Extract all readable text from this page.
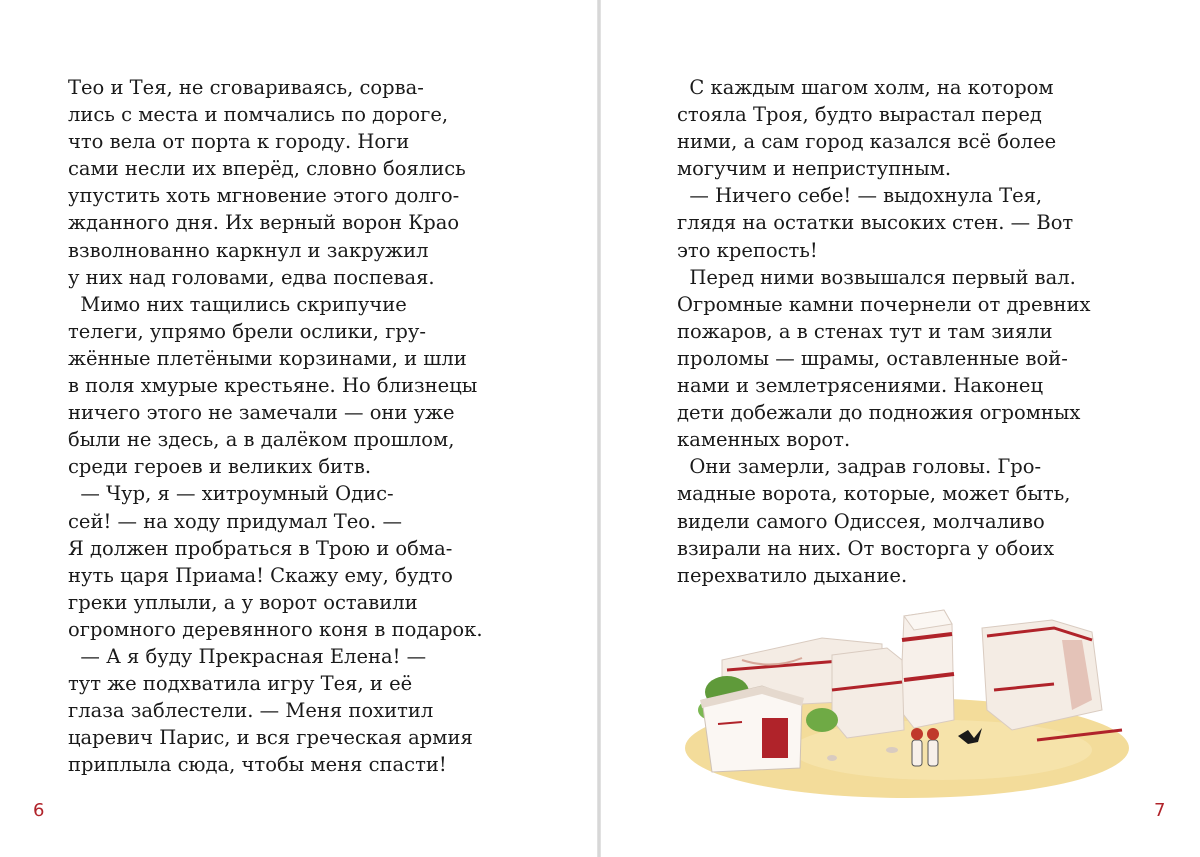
Тео и Тея, не сговариваясь, сорва-
лись с места и помчались по дороге,
что вела от порта к городу. Ноги
сами несли их вперёд, словно боялись
упустить хоть мгновение этого долго-
жданного дня. Их верный ворон Крао
взволнованно каркнул и закружил
у них над головами, едва поспевая.
Мимо них тащились скрипучие
телеги, упрямо брели ослики, гру-
жённые плетёными корзинами, и шли
в поля хмурые крестьяне. Но близнецы
ничего этого не замечали — они уже
были не здесь, а в далёком прошлом,
среди героев и великих битв.
— Чур, я — хитроумный Одис-
сей! — на ходу придумал Тео. —
Я должен пробраться в Трою и обма-
нуть царя Приама! Скажу ему, будто
греки уплыли, а у ворот оставили
огромного деревянного коня в подарок.
— А я буду Прекрасная Елена! —
тут же подхватила игру Тея, и её
глаза заблестели. — Меня похитил
царевич Парис, и вся греческая армия
приплыла сюда, чтобы меня спасти!
6
С каждым шагом холм, на котором
стояла Троя, будто вырастал перед
ними, а сам город казался всё более
могучим и неприступным.
— Ничего себе! — выдохнула Тея,
глядя на остатки высоких стен. — Вот
это крепость!
Перед ними возвышался первый вал.
Огромные камни почернели от древних
пожаров, а в стенах тут и там зияли
проломы — шрамы, оставленные вой-
нами и землетрясениями. Наконец
дети добежали до подножия огромных
каменных ворот.
Они замерли, задрав головы. Гро-
мадные ворота, которые, может быть,
видели самого Одиссея, молчаливо
взирали на них. От восторга у обоих
перехватило дыхание.
7
